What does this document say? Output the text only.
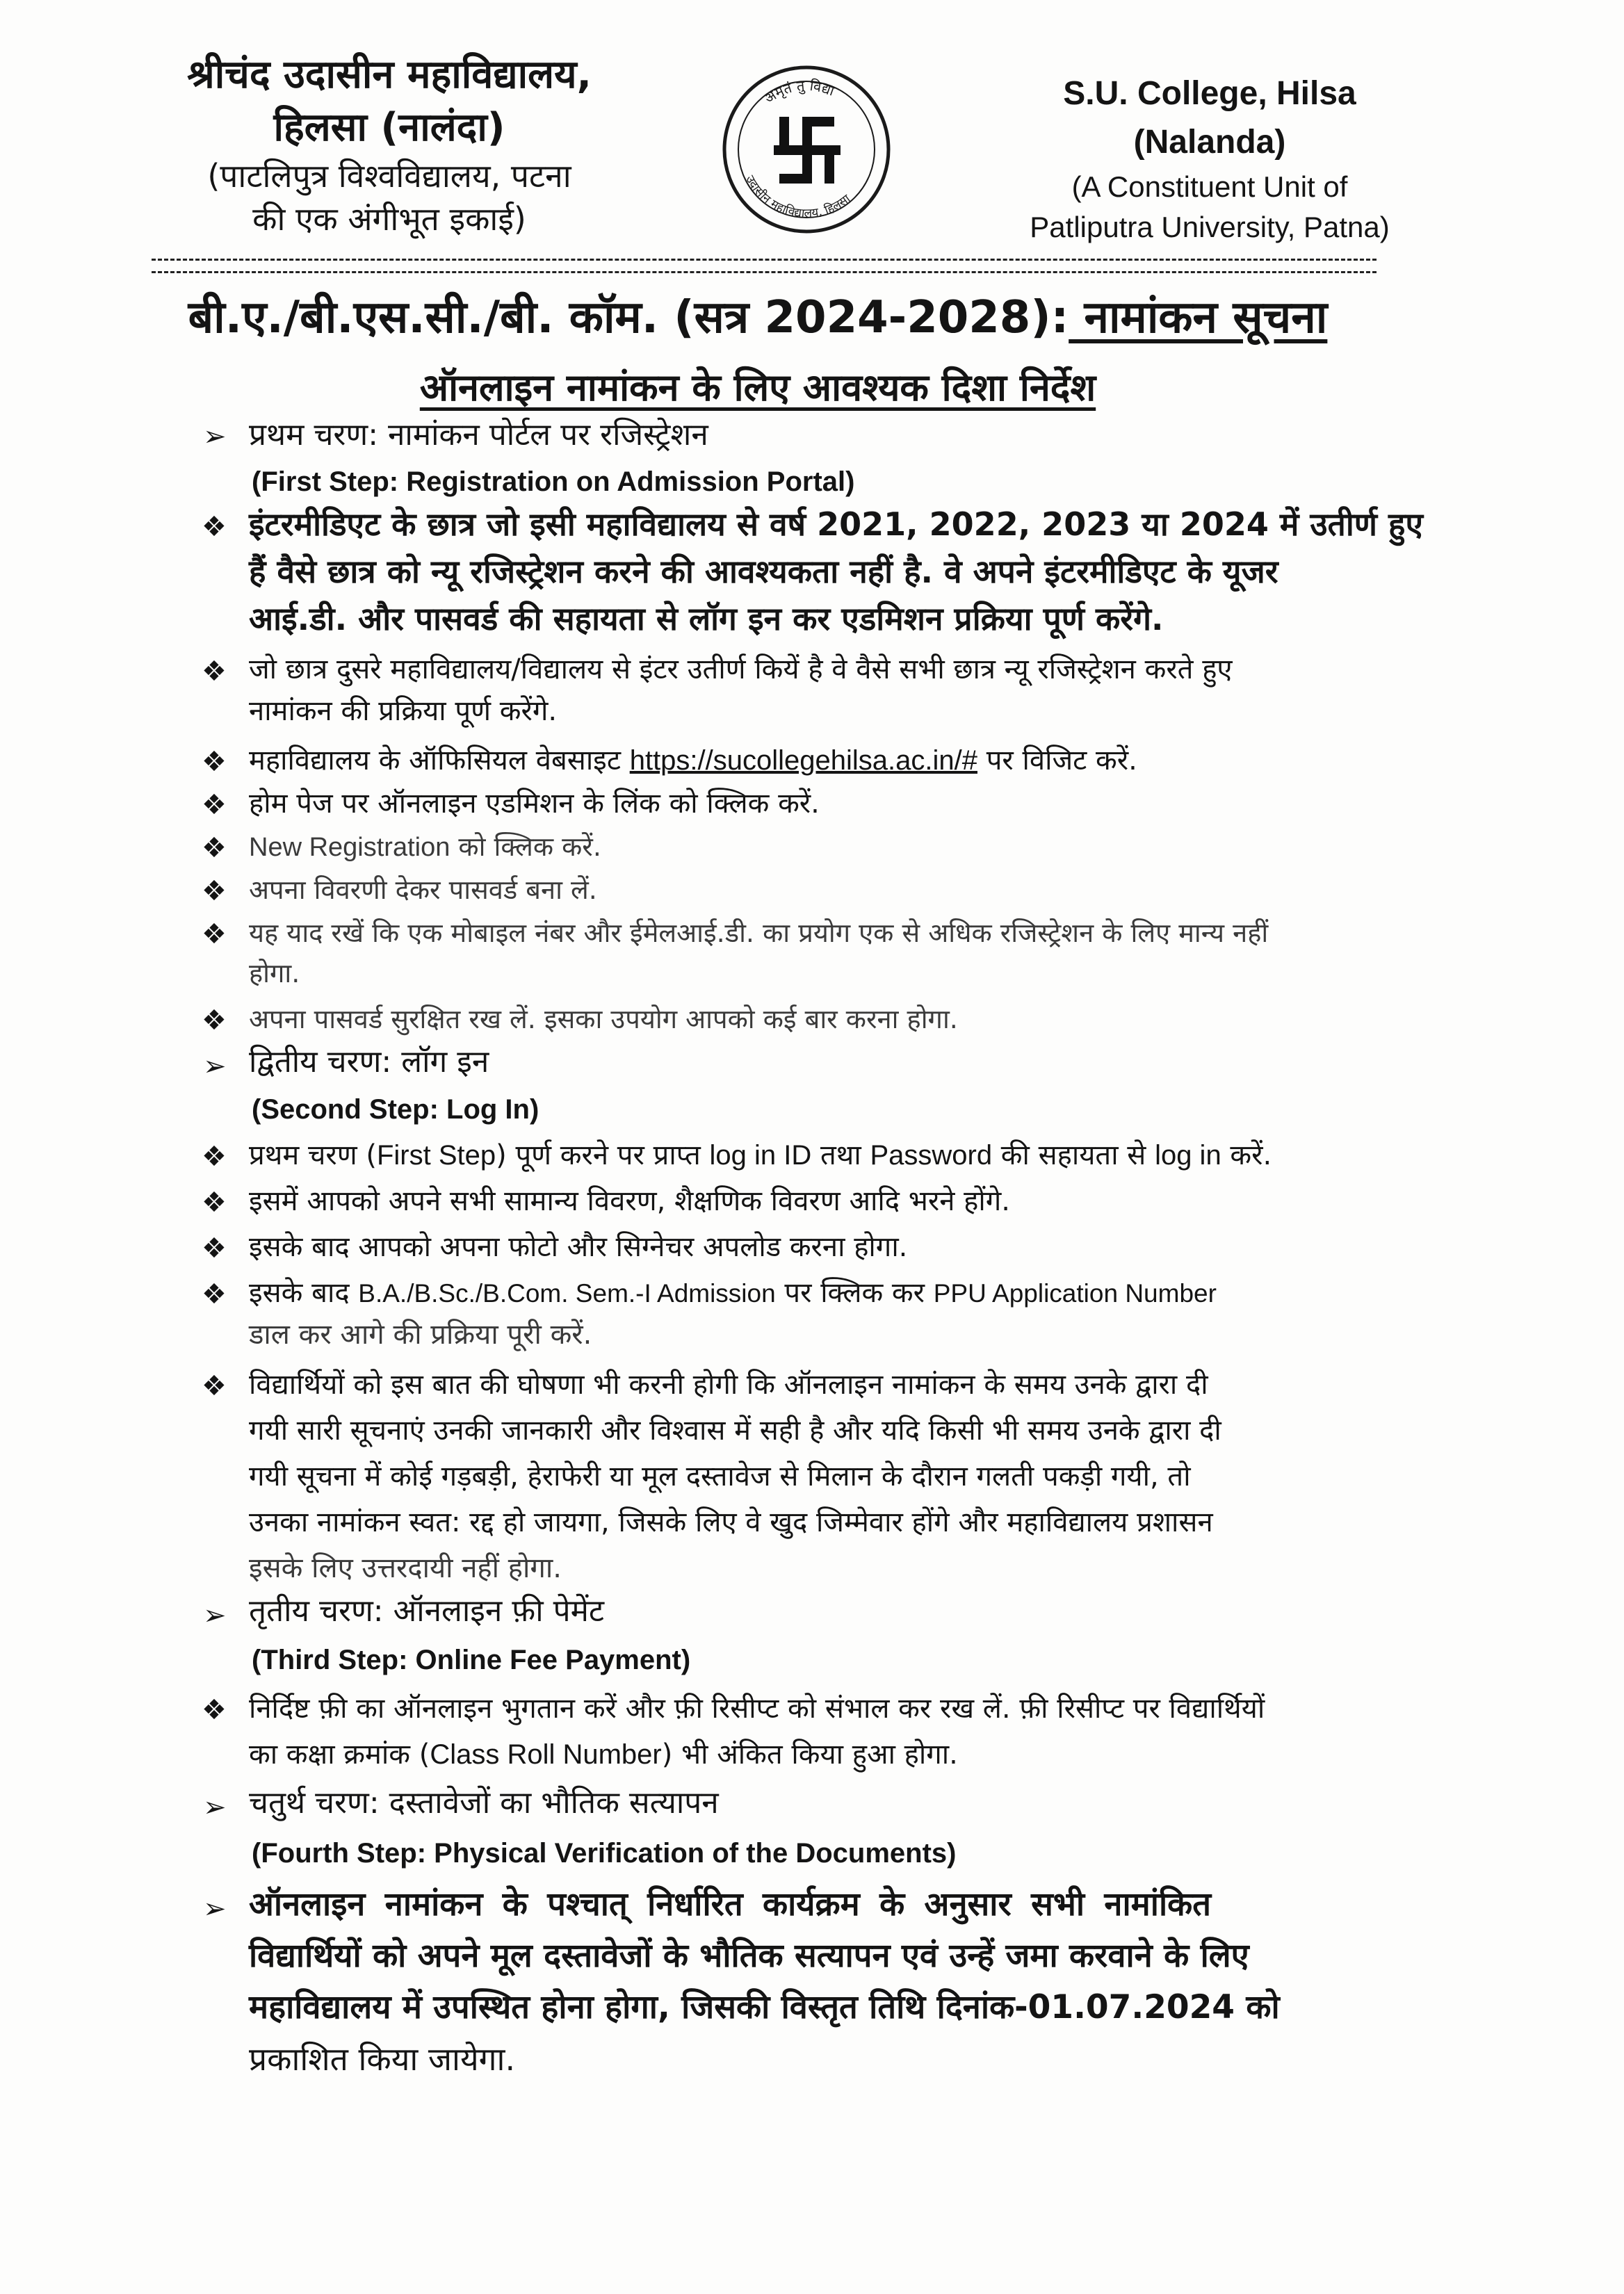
श्रीचंद उदासीन महाविद्यालय,
हिलसा (नालंदा)
(पाटलिपुत्र विश्वविद्यालय, पटना
की एक अंगीभूत इकाई)
अमृतं तु विद्या
उदासीन महाविद्यालय, हिलसा
S.U. College, Hilsa
(Nalanda)
(A Constituent Unit of
Patliputra University, Patna)
बी.ए./बी.एस.सी./बी. कॉम. (सत्र 2024-2028): नामांकन सूचना
ऑनलाइन नामांकन के लिए आवश्यक दिशा निर्देश
➢ प्रथम चरण: नामांकन पोर्टल पर रजिस्ट्रेशन
(First Step: Registration on Admission Portal)
❖ इंटरमीडिएट के छात्र जो इसी महाविद्यालय से वर्ष 2021, 2022, 2023 या 2024 में उतीर्ण हुए
हैं वैसे छात्र को न्यू रजिस्ट्रेशन करने की आवश्यकता नहीं है. वे अपने इंटरमीडिएट के यूजर
आई.डी. और पासवर्ड की सहायता से लॉग इन कर एडमिशन प्रक्रिया पूर्ण करेंगे.
❖ जो छात्र दुसरे महाविद्यालय/विद्यालय से इंटर उतीर्ण कियें है वे वैसे सभी छात्र न्यू रजिस्ट्रेशन करते हुए
नामांकन की प्रक्रिया पूर्ण करेंगे.
❖ महाविद्यालय के ऑफिसियल वेबसाइट https://sucollegehilsa.ac.in/# पर विजिट करें.
❖ होम पेज पर ऑनलाइन एडमिशन के लिंक को क्लिक करें.
❖ New Registration को क्लिक करें.
❖ अपना विवरणी देकर पासवर्ड बना लें.
❖ यह याद रखें कि एक मोबाइल नंबर और ईमेलआई.डी. का प्रयोग एक से अधिक रजिस्ट्रेशन के लिए मान्य नहीं
होगा.
❖ अपना पासवर्ड सुरक्षित रख लें. इसका उपयोग आपको कई बार करना होगा.
➢ द्वितीय चरण: लॉग इन
(Second Step: Log In)
❖ प्रथम चरण (First Step) पूर्ण करने पर प्राप्त log in ID तथा Password की सहायता से log in करें.
❖ इसमें आपको अपने सभी सामान्य विवरण, शैक्षणिक विवरण आदि भरने होंगे.
❖ इसके बाद आपको अपना फोटो और सिग्नेचर अपलोड करना होगा.
❖ इसके बाद B.A./B.Sc./B.Com. Sem.-I Admission पर क्लिक कर PPU Application Number
डाल कर आगे की प्रक्रिया पूरी करें.
❖ विद्यार्थियों को इस बात की घोषणा भी करनी होगी कि ऑनलाइन नामांकन के समय उनके द्वारा दी
गयी सारी सूचनाएं उनकी जानकारी और विश्वास में सही है और यदि किसी भी समय उनके द्वारा दी
गयी सूचना में कोई गड़बड़ी, हेराफेरी या मूल दस्तावेज से मिलान के दौरान गलती पकड़ी गयी, तो
उनका नामांकन स्वत: रद्द हो जायगा, जिसके लिए वे खुद जिम्मेवार होंगे और महाविद्यालय प्रशासन
इसके लिए उत्तरदायी नहीं होगा.
➢ तृतीय चरण: ऑनलाइन फ़ी पेमेंट
(Third Step: Online Fee Payment)
❖ निर्दिष्ट फ़ी का ऑनलाइन भुगतान करें और फ़ी रिसीप्ट को संभाल कर रख लें. फ़ी रिसीप्ट पर विद्यार्थियों
का कक्षा क्रमांक (Class Roll Number) भी अंकित किया हुआ होगा.
➢ चतुर्थ चरण: दस्तावेजों का भौतिक सत्यापन
(Fourth Step: Physical Verification of the Documents)
➢ ऑनलाइन नामांकन के पश्चात् निर्धारित कार्यक्रम के अनुसार सभी नामांकित
विद्यार्थियों को अपने मूल दस्तावेजों के भौतिक सत्यापन एवं उन्हें जमा करवाने के लिए
महाविद्यालय में उपस्थित होना होगा, जिसकी विस्तृत तिथि दिनांक-01.07.2024 को
प्रकाशित किया जायेगा.
